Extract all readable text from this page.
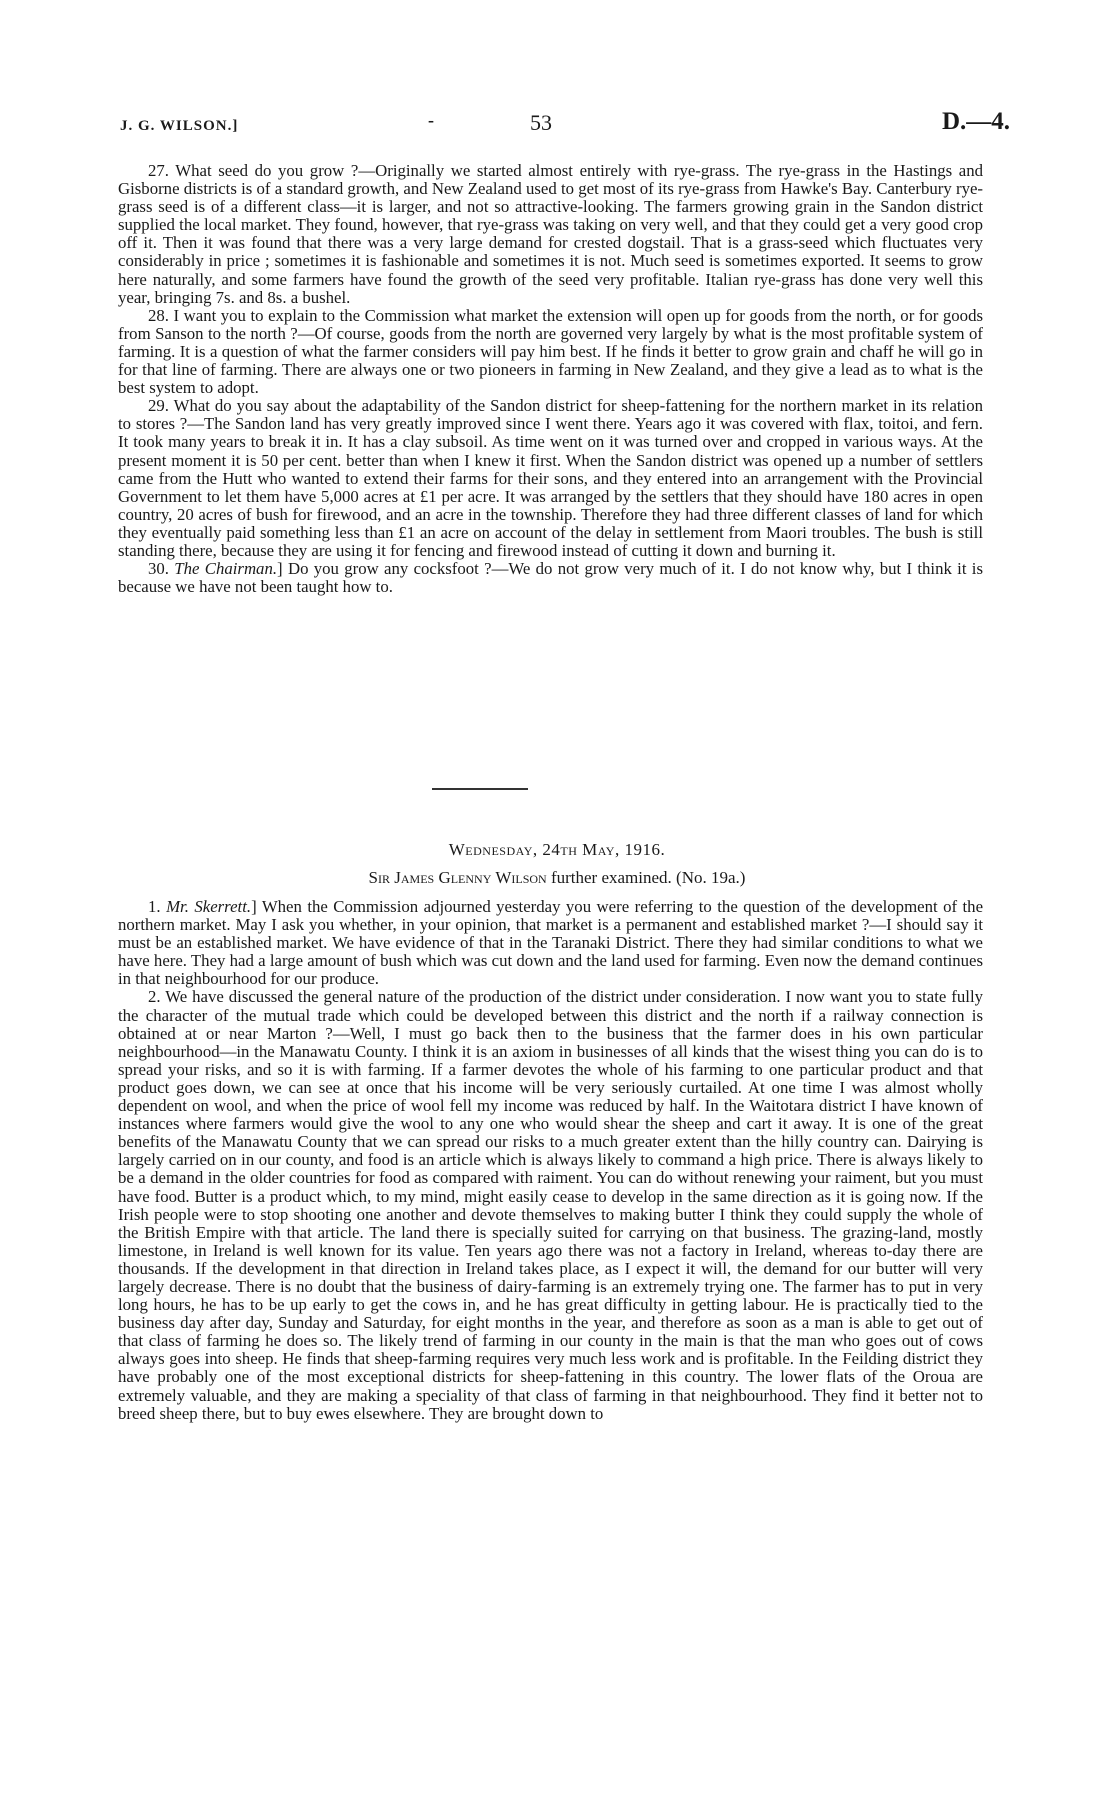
J. G. WILSON.]	-	53	D.—4.

27. What seed do you grow ?—Originally we started almost entirely with rye-grass. The rye-grass in the Hastings and Gisborne districts is of a standard growth, and New Zealand used to get most of its rye-grass from Hawke's Bay. Canterbury rye-grass seed is of a different class—it is larger, and not so attractive-looking. The farmers growing grain in the Sandon district supplied the local market. They found, however, that rye-grass was taking on very well, and that they could get a very good crop off it. Then it was found that there was a very large demand for crested dogstail. That is a grass-seed which fluctuates very considerably in price ; sometimes it is fashionable and sometimes it is not. Much seed is sometimes exported. It seems to grow here naturally, and some farmers have found the growth of the seed very profitable. Italian rye-grass has done very well this year, bringing 7s. and 8s. a bushel.

28. I want you to explain to the Commission what market the extension will open up for goods from the north, or for goods from Sanson to the north ?—Of course, goods from the north are governed very largely by what is the most profitable system of farming. It is a question of what the farmer considers will pay him best. If he finds it better to grow grain and chaff he will go in for that line of farming. There are always one or two pioneers in farming in New Zealand, and they give a lead as to what is the best system to adopt.

29. What do you say about the adaptability of the Sandon district for sheep-fattening for the northern market in its relation to stores ?—The Sandon land has very greatly improved since I went there. Years ago it was covered with flax, toitoi, and fern. It took many years to break it in. It has a clay subsoil. As time went on it was turned over and cropped in various ways. At the present moment it is 50 per cent. better than when I knew it first. When the Sandon district was opened up a number of settlers came from the Hutt who wanted to extend their farms for their sons, and they entered into an arrangement with the Provincial Government to let them have 5,000 acres at £1 per acre. It was arranged by the settlers that they should have 180 acres in open country, 20 acres of bush for firewood, and an acre in the township. Therefore they had three different classes of land for which they eventually paid something less than £1 an acre on account of the delay in settlement from Maori troubles. The bush is still standing there, because they are using it for fencing and firewood instead of cutting it down and burning it.

30. The Chairman.] Do you grow any cocksfoot ?—We do not grow very much of it. I do not know why, but I think it is because we have not been taught how to.

Wednesday, 24th May, 1916.
Sir James Glenny Wilson further examined. (No. 19a.)

1. Mr. Skerrett.] When the Commission adjourned yesterday you were referring to the question of the development of the northern market. May I ask you whether, in your opinion, that market is a permanent and established market ?—I should say it must be an established market. We have evidence of that in the Taranaki District. There they had similar conditions to what we have here. They had a large amount of bush which was cut down and the land used for farming. Even now the demand continues in that neighbourhood for our produce.

2. We have discussed the general nature of the production of the district under consideration. I now want you to state fully the character of the mutual trade which could be developed between this district and the north if a railway connection is obtained at or near Marton ?—Well, I must go back then to the business that the farmer does in his own particular neighbourhood—in the Manawatu County. I think it is an axiom in businesses of all kinds that the wisest thing you can do is to spread your risks, and so it is with farming. If a farmer devotes the whole of his farming to one particular product and that product goes down, we can see at once that his income will be very seriously curtailed. At one time I was almost wholly dependent on wool, and when the price of wool fell my income was reduced by half. In the Waitotara district I have known of instances where farmers would give the wool to any one who would shear the sheep and cart it away. It is one of the great benefits of the Manawatu County that we can spread our risks to a much greater extent than the hilly country can. Dairying is largely carried on in our county, and food is an article which is always likely to command a high price. There is always likely to be a demand in the older countries for food as compared with raiment. You can do without renewing your raiment, but you must have food. Butter is a product which, to my mind, might easily cease to develop in the same direction as it is going now. If the Irish people were to stop shooting one another and devote themselves to making butter I think they could supply the whole of the British Empire with that article. The land there is specially suited for carrying on that business. The grazing-land, mostly limestone, in Ireland is well known for its value. Ten years ago there was not a factory in Ireland, whereas to-day there are thousands. If the development in that direction in Ireland takes place, as I expect it will, the demand for our butter will very largely decrease. There is no doubt that the business of dairy-farming is an extremely trying one. The farmer has to put in very long hours, he has to be up early to get the cows in, and he has great difficulty in getting labour. He is practically tied to the business day after day, Sunday and Saturday, for eight months in the year, and therefore as soon as a man is able to get out of that class of farming he does so. The likely trend of farming in our county in the main is that the man who goes out of cows always goes into sheep. He finds that sheep-farming requires very much less work and is profitable. In the Feilding district they have probably one of the most exceptional districts for sheep-fattening in this country. The lower flats of the Oroua are extremely valuable, and they are making a speciality of that class of farming in that neighbourhood. They find it better not to breed sheep there, but to buy ewes elsewhere. They are brought down to
